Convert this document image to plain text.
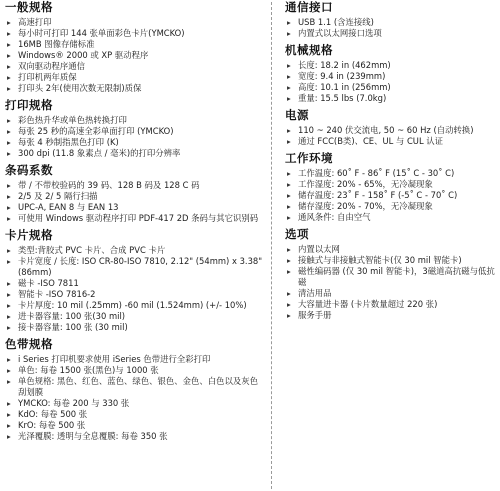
一般规格
▸ 高速打印
▸ 每小时可打印 144 张单面彩色卡片(YMCKO)
▸ 16MB 图像存储标准
▸ Windows® 2000 或 XP 驱动程序
▸ 双向驱动程序通信
▸ 打印机两年质保
▸ 打印头 2年(使用次数无限制)质保
打印规格
▸ 彩色热升华或单色热转换打印
▸ 每张 25 秒的高速全彩单面打印 (YMCKO)
▸ 每张 4 秒制指黑色打印 (K)
▸ 300 dpi (11.8 象素点 / 毫米)的打印分辨率
条码系数
▸ 带 / 不带校验码的 39 码、128 B 码及 128 C 码
▸ 2/5 及 2/ 5 隔行扫描
▸ UPC-A, EAN 8 与 EAN 13
▸ 可使用 Windows 驱动程序打印 PDF-417 2D 条码与其它识别码
卡片规格
▸ 类型:背胶式 PVC 卡片、合成 PVC 卡片
▸ 卡片宽度 / 长度: ISO CR-80-ISO 7810, 2.12" (54mm) x 3.38"
(86mm)
▸ 磁卡 -ISO 7811
▸ 智能卡 -ISO 7816-2
▸ 卡片厚度: 10 mil (.25mm) -60 mil (1.524mm) (+/- 10%)
▸ 进卡器容量: 100 张(30 mil)
▸ 接卡器容量: 100 张 (30 mil)
色带规格
▸ i Series 打印机要求使用 iSeries 色带进行全彩打印
▸ 单色: 每卷 1500 张(黑色)与 1000 张
▸ 单色规格: 黑色、红色、蓝色、绿色、银色、金色、白色以及灰色
刮划膜
▸ YMCKO: 每卷 200 与 330 张
▸ KdO: 每卷 500 张
▸ KrO: 每卷 500 张
▸ 光泽覆膜: 透明与全息覆膜: 每卷 350 张
通信接口
▸ USB 1.1 (含连接线)
▸ 内置式以太网接口选项
机械规格
▸ 长度: 18.2 in (462mm)
▸ 宽度: 9.4 in (239mm)
▸ 高度: 10.1 in (256mm)
▸ 重量: 15.5 lbs (7.0kg)
电源
▸ 110 ~ 240 伏交流电, 50 ~ 60 Hz (自动转换)
▸ 通过 FCC(B类)、CE、UL 与 CUL 认证
工作环境
▸ 工作温度: 60˚ F - 86˚ F (15˚ C - 30˚ C)
▸ 工作湿度: 20% - 65%，无冷凝现象
▸ 储存温度: 23˚ F - 158˚ F (-5˚ C - 70˚ C)
▸ 储存湿度: 20% - 70%，无冷凝现象
▸ 通风条件: 自由空气
选项
▸ 内置以太网
▸ 接触式与非接触式智能卡(仅 30 mil 智能卡)
▸ 磁性编码器 (仅 30 mil 智能卡)，3磁道高抗磁与低抗磁
▸ 清洁用品
▸ 大容量进卡器 (卡片数量超过 220 张)
▸ 服务手册
